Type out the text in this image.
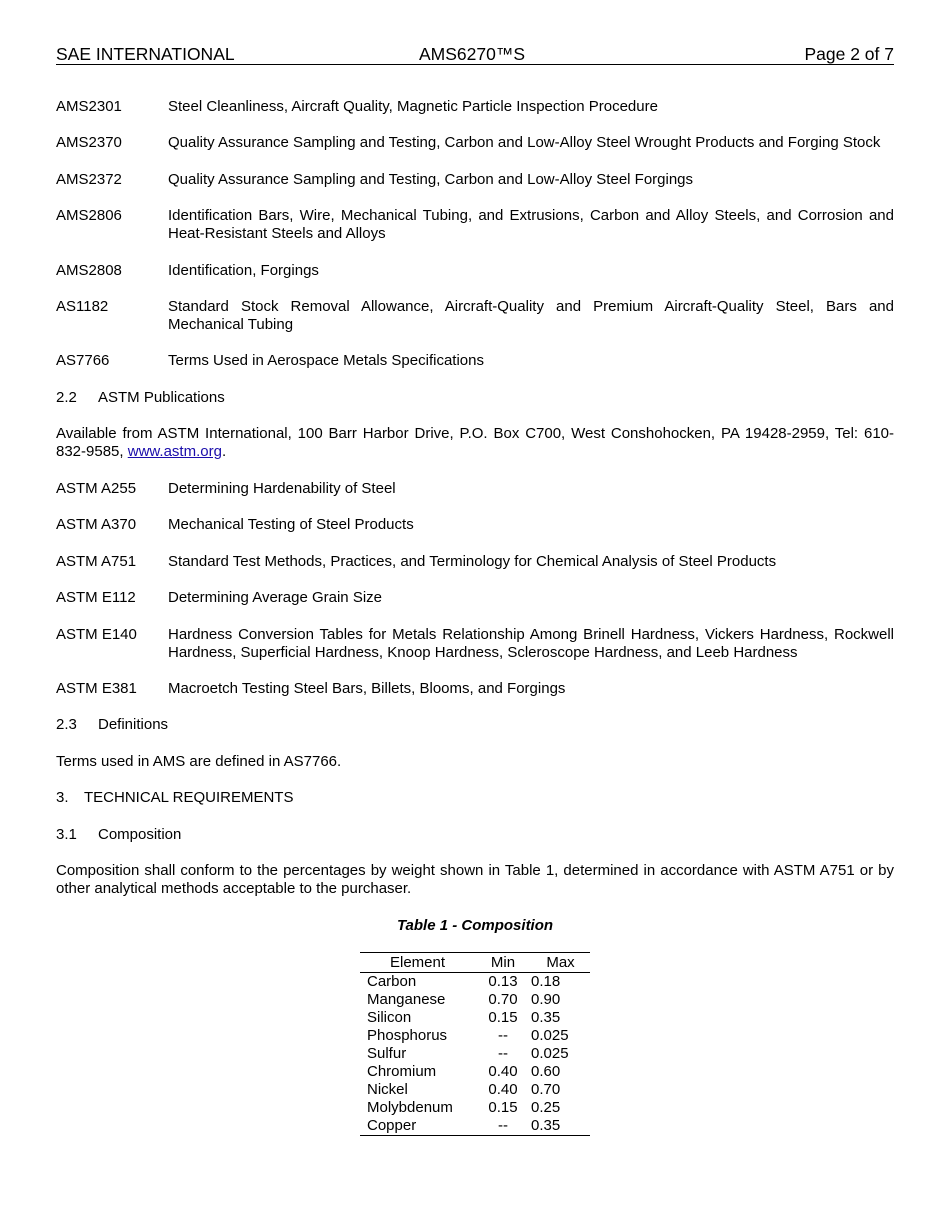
SAE INTERNATIONAL	AMS6270™S	Page 2 of 7
AMS2301	Steel Cleanliness, Aircraft Quality, Magnetic Particle Inspection Procedure
AMS2370	Quality Assurance Sampling and Testing, Carbon and Low-Alloy Steel Wrought Products and Forging Stock
AMS2372	Quality Assurance Sampling and Testing, Carbon and Low-Alloy Steel Forgings
AMS2806	Identification Bars, Wire, Mechanical Tubing, and Extrusions, Carbon and Alloy Steels, and Corrosion and Heat-Resistant Steels and Alloys
AMS2808	Identification, Forgings
AS1182	Standard Stock Removal Allowance, Aircraft-Quality and Premium Aircraft-Quality Steel, Bars and Mechanical Tubing
AS7766	Terms Used in Aerospace Metals Specifications
2.2 ASTM Publications
Available from ASTM International, 100 Barr Harbor Drive, P.O. Box C700, West Conshohocken, PA 19428-2959, Tel: 610-832-9585, www.astm.org.
ASTM A255	Determining Hardenability of Steel
ASTM A370	Mechanical Testing of Steel Products
ASTM A751	Standard Test Methods, Practices, and Terminology for Chemical Analysis of Steel Products
ASTM E112	Determining Average Grain Size
ASTM E140	Hardness Conversion Tables for Metals Relationship Among Brinell Hardness, Vickers Hardness, Rockwell Hardness, Superficial Hardness, Knoop Hardness, Scleroscope Hardness, and Leeb Hardness
ASTM E381	Macroetch Testing Steel Bars, Billets, Blooms, and Forgings
2.3 Definitions
Terms used in AMS are defined in AS7766.
3. TECHNICAL REQUIREMENTS
3.1 Composition
Composition shall conform to the percentages by weight shown in Table 1, determined in accordance with ASTM A751 or by other analytical methods acceptable to the purchaser.
Table 1 - Composition
Element	Min	Max
Carbon	0.13	0.18
Manganese	0.70	0.90
Silicon	0.15	0.35
Phosphorus	--	0.025
Sulfur	--	0.025
Chromium	0.40	0.60
Nickel	0.40	0.70
Molybdenum	0.15	0.25
Copper	--	0.35
